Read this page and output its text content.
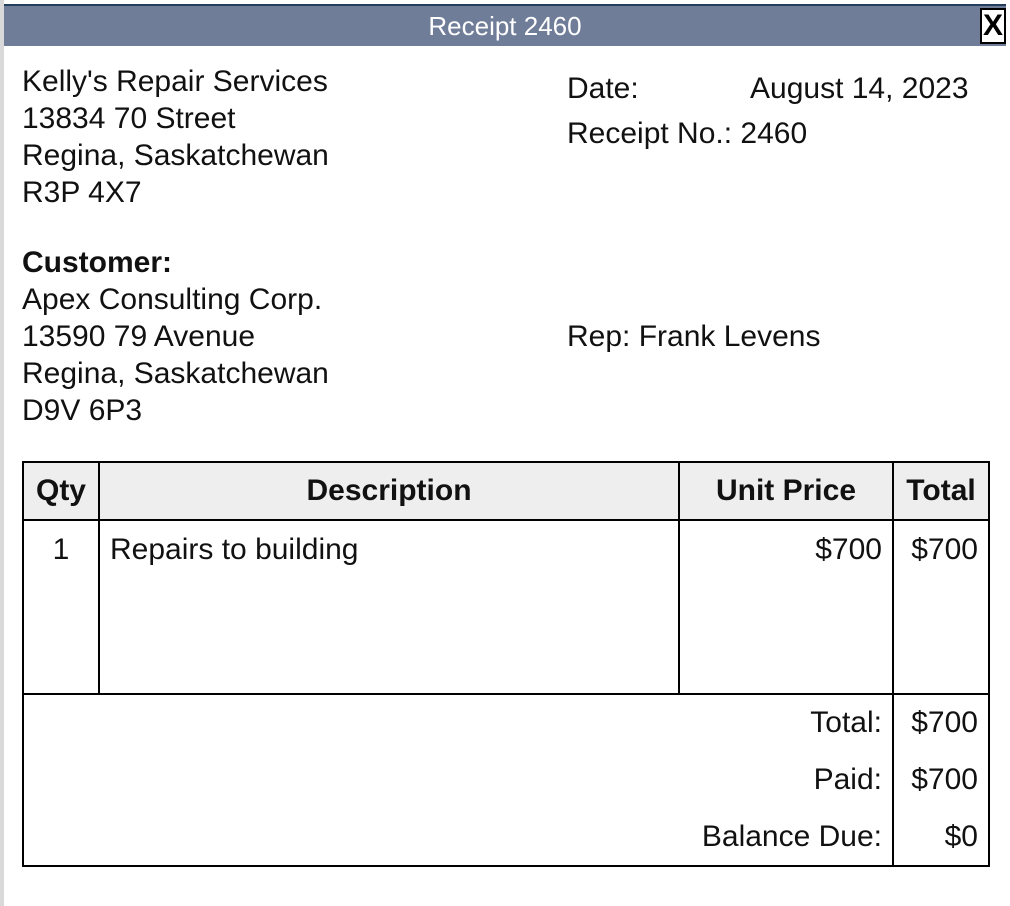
Receipt 2460	X
Kelly's Repair Services
13834 70 Street
Regina, Saskatchewan
R3P 4X7
Date:	August 14, 2023
Receipt No.: 2460
Customer:
Apex Consulting Corp.
13590 79 Avenue
Regina, Saskatchewan
D9V 6P3
Rep: Frank Levens
Qty	Description	Unit Price	Total
1	Repairs to building	$700 $700
Total: $700
Paid: $700
Balance Due:	$0
